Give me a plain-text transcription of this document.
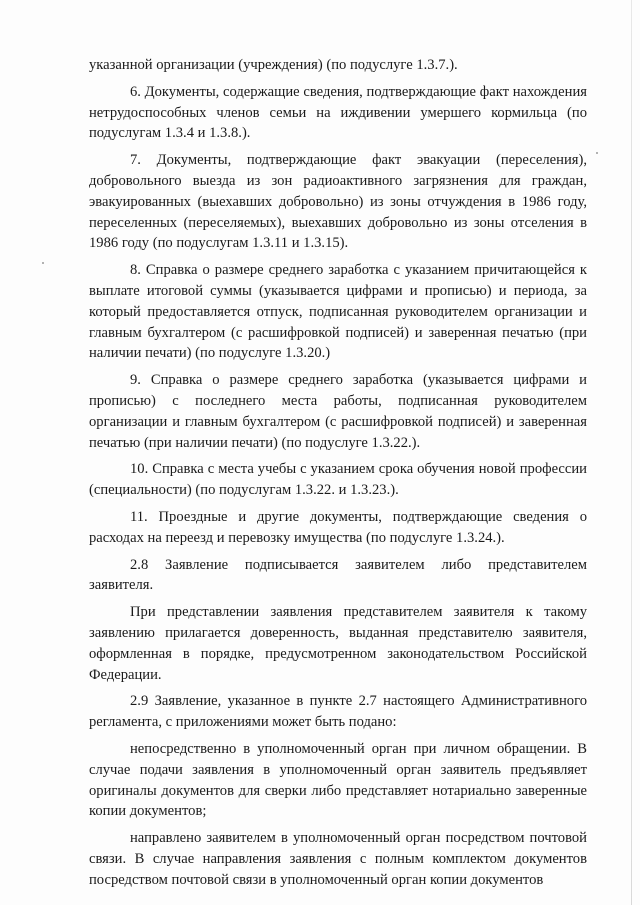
указанной организации (учреждения) (по подуслуге 1.3.7.).

6. Документы, содержащие сведения, подтверждающие факт нахождения нетрудоспособных членов семьи на иждивении умершего кормильца (по подуслугам 1.3.4 и 1.3.8.).

7. Документы, подтверждающие факт эвакуации (переселения), добровольного выезда из зон радиоактивного загрязнения для граждан, эвакуированных (выехавших добровольно) из зоны отчуждения в 1986 году, переселенных (переселяемых), выехавших добровольно из зоны отселения в 1986 году (по подуслугам 1.3.11 и 1.3.15).

8. Справка о размере среднего заработка с указанием причитающейся к выплате итоговой суммы (указывается цифрами и прописью) и периода, за который предоставляется отпуск, подписанная руководителем организации и главным бухгалтером (с расшифровкой подписей) и заверенная печатью (при наличии печати) (по подуслуге 1.3.20.)

9. Справка о размере среднего заработка (указывается цифрами и прописью) с последнего места работы, подписанная руководителем организации и главным бухгалтером (с расшифровкой подписей) и заверенная печатью (при наличии печати) (по подуслуге 1.3.22.).

10. Справка с места учебы с указанием срока обучения новой профессии (специальности) (по подуслугам 1.3.22. и 1.3.23.).

11. Проездные и другие документы, подтверждающие сведения о расходах на переезд и перевозку имущества (по подуслуге 1.3.24.).

2.8 Заявление подписывается заявителем либо представителем заявителя.

При представлении заявления представителем заявителя к такому заявлению прилагается доверенность, выданная представителю заявителя, оформленная в порядке, предусмотренном законодательством Российской Федерации.

2.9 Заявление, указанное в пункте 2.7 настоящего Административного регламента, с приложениями может быть подано:

непосредственно в уполномоченный орган при личном обращении. В случае подачи заявления в уполномоченный орган заявитель предъявляет оригиналы документов для сверки либо представляет нотариально заверенные копии документов;

направлено заявителем в уполномоченный орган посредством почтовой связи. В случае направления заявления с полным комплектом документов посредством почтовой связи в уполномоченный орган копии документов
